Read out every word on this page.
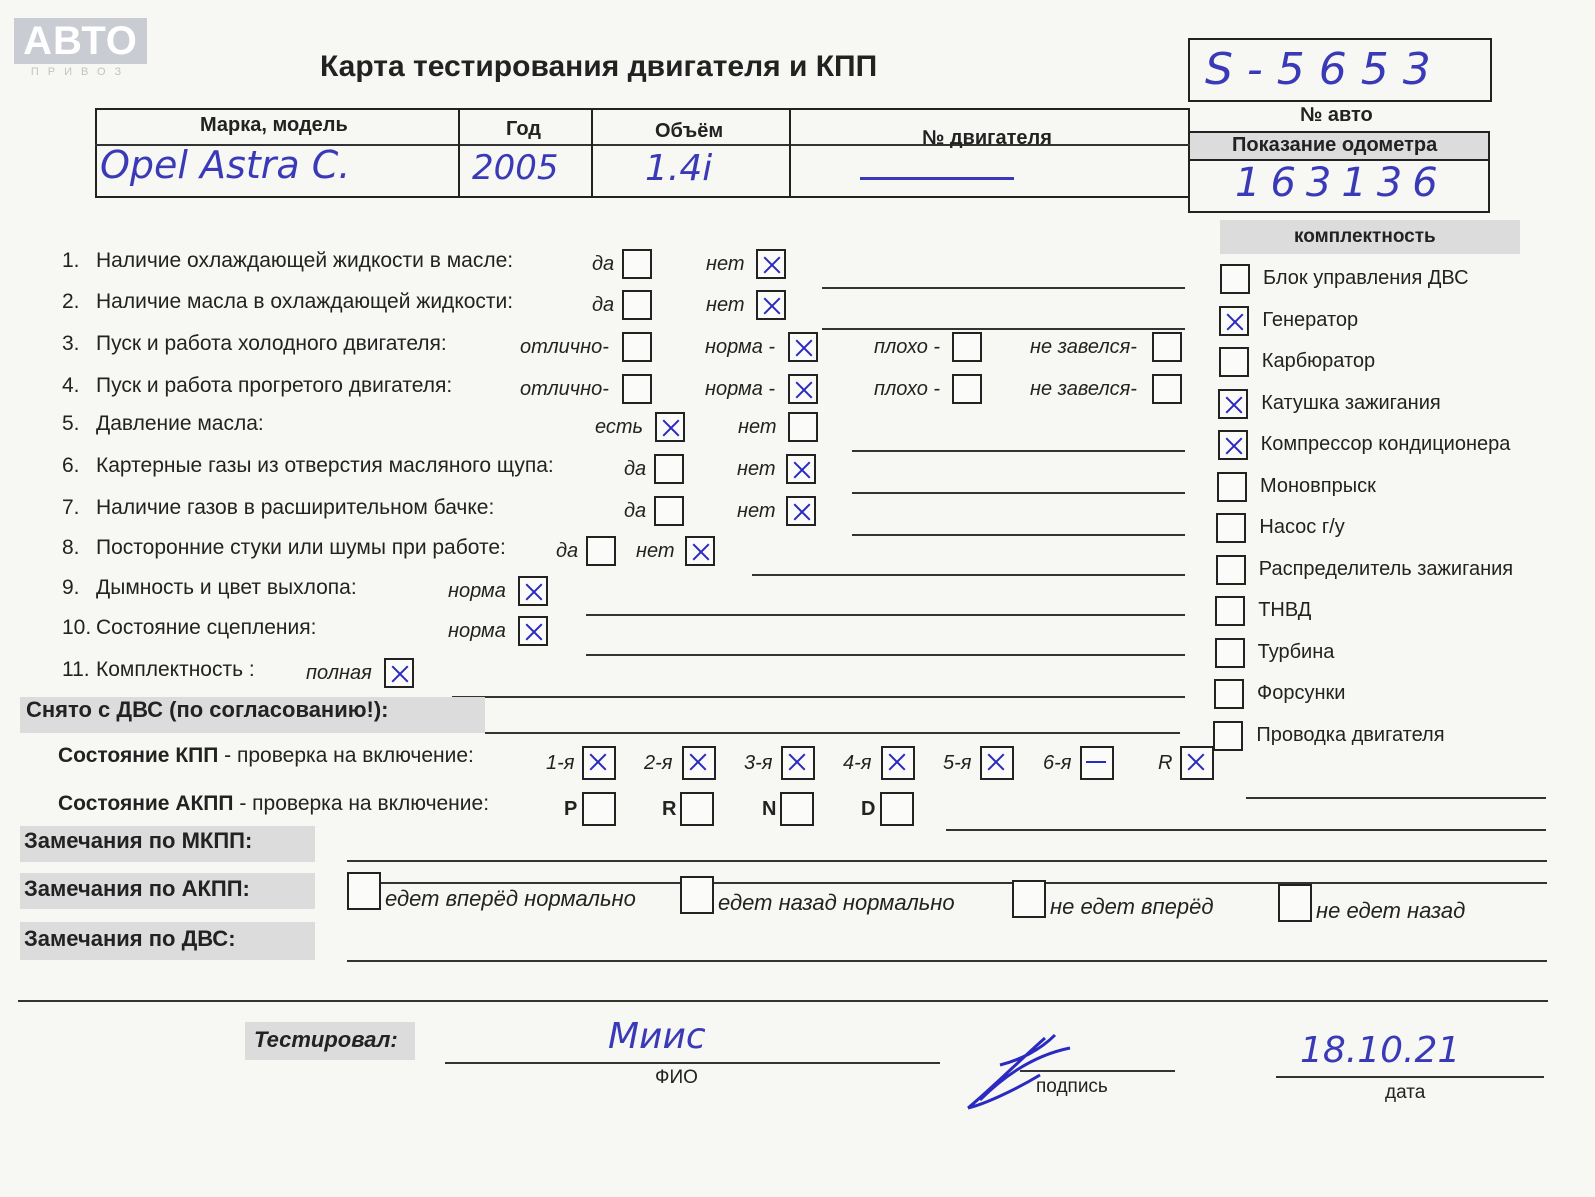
АВТО
ПРИВОЗ	Карта тестирования двигателя и КПП	S-5653
№ авто
Показание одометра
163136
Марка, модель	Год	Объём	№ двигателя
Opel Astra C.	2005 1.4i
комплектность
Блок управления ДВС
Генератор
Карбюратор
Катушка зажигания
Компрессор кондиционера
Моновпрыск
Насос г/у
Распределитель зажигания
ТНВД
Турбина
Форсунки
Проводка двигателя
1. Наличие охлаждающей жидкости в масле:	да	нет
2. Наличие масла в охлаждающей жидкости:	да	нет
3. Пуск и работа холодного двигателя:	отлично-	норма -	плохо -	не завелся-
4. Пуск и работа прогретого двигателя:	отлично-	норма -	плохо -	не завелся-
5. Давление масла:	есть	нет
6. Картерные газы из отверстия масляного щупа:	да	нет
7. Наличие газов в расширительном бачке:	да	нет
8. Посторонние стуки или шумы при работе:	да	нет
9. Дымность и цвет выхлопа:	норма
10. Состояние сцепления:	норма
11. Комплектность :	полная
Снято с ДВС (по согласованию!):
Состояние КПП - проверка на включение:	1-я	2-я	3-я	4-я	5-я	6-я	R
Состояние АКПП - проверка на включение:	P	R	N	D
Замечания по МКПП:
Замечания по АКПП:	едет вперёд нормально	едет назад нормально	не едет вперёд	не едет назад
Замечания по ДВС:
Тестировал:	Миис
ФИО	подпись
18.10.21
дата
